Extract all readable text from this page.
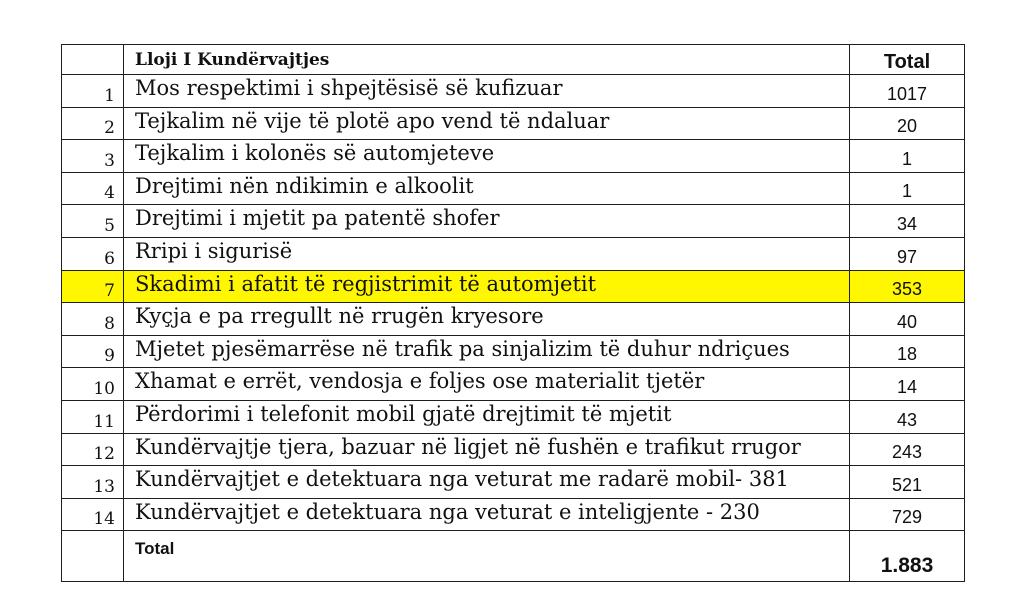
	Lloji I Kundërvajtjes	Total
1	Mos respektimi i shpejtësisë së kufizuar	1017
2	Tejkalim në vije të plotë apo vend të ndaluar	20
3	Tejkalim i kolonës së automjeteve	1
4	Drejtimi nën ndikimin e alkoolit	1
5	Drejtimi i mjetit pa patentë shofer	34
6	Rripi i sigurisë	97
7	Skadimi i afatit të regjistrimit të automjetit	353
8	Kyçja e pa rregullt në rrugën kryesore	40
9	Mjetet pjesëmarrëse në trafik pa sinjalizim të duhur ndriçues	18
10	Xhamat e errët, vendosja e foljes ose materialit tjetër	14
11	Përdorimi i telefonit mobil gjatë drejtimit të mjetit	43
12	Kundërvajtje tjera, bazuar në ligjet në fushën e trafikut rrugor	243
13	Kundërvajtjet e detektuara nga veturat me radarë mobil- 381	521
14	Kundërvajtjet e detektuara nga veturat e inteligjente - 230	729
	Total	1.883
